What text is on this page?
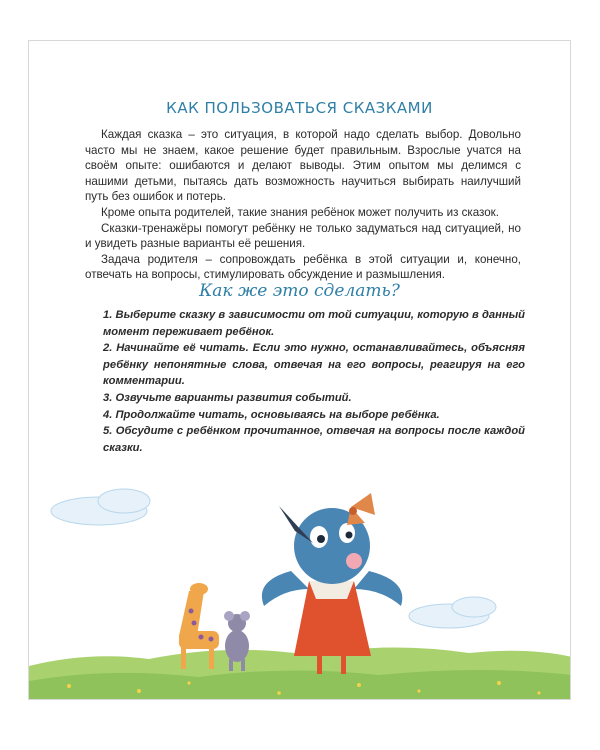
КАК ПОЛЬЗОВАТЬСЯ СКАЗКАМИ

Каждая сказка – это ситуация, в которой надо сделать выбор. Довольно часто мы не знаем, какое решение будет правильным. Взрослые учатся на своём опыте: ошибаются и делают выводы. Этим опытом мы делимся с нашими детьми, пытаясь дать возможность научиться выбирать наилучший путь без ошибок и потерь.

Кроме опыта родителей, такие знания ребёнок может получить из сказок.

Сказки-тренажёры помогут ребёнку не только задуматься над ситуацией, но и увидеть разные варианты её решения.

Задача родителя – сопровождать ребёнка в этой ситуации и, конечно, отвечать на вопросы, стимулировать обсуждение и размышления.

Как же это сделать?

1. Выберите сказку в зависимости от той ситуации, которую в данный момент переживает ребёнок.

2. Начинайте её читать. Если это нужно, останавливайтесь, объясняя ребёнку непонятные слова, отвечая на его вопросы, реагируя на его комментарии.

3. Озвучьте варианты развития событий.

4. Продолжайте читать, основываясь на выборе ребёнка.

5. Обсудите с ребёнком прочитанное, отвечая на вопросы после каждой сказки.
